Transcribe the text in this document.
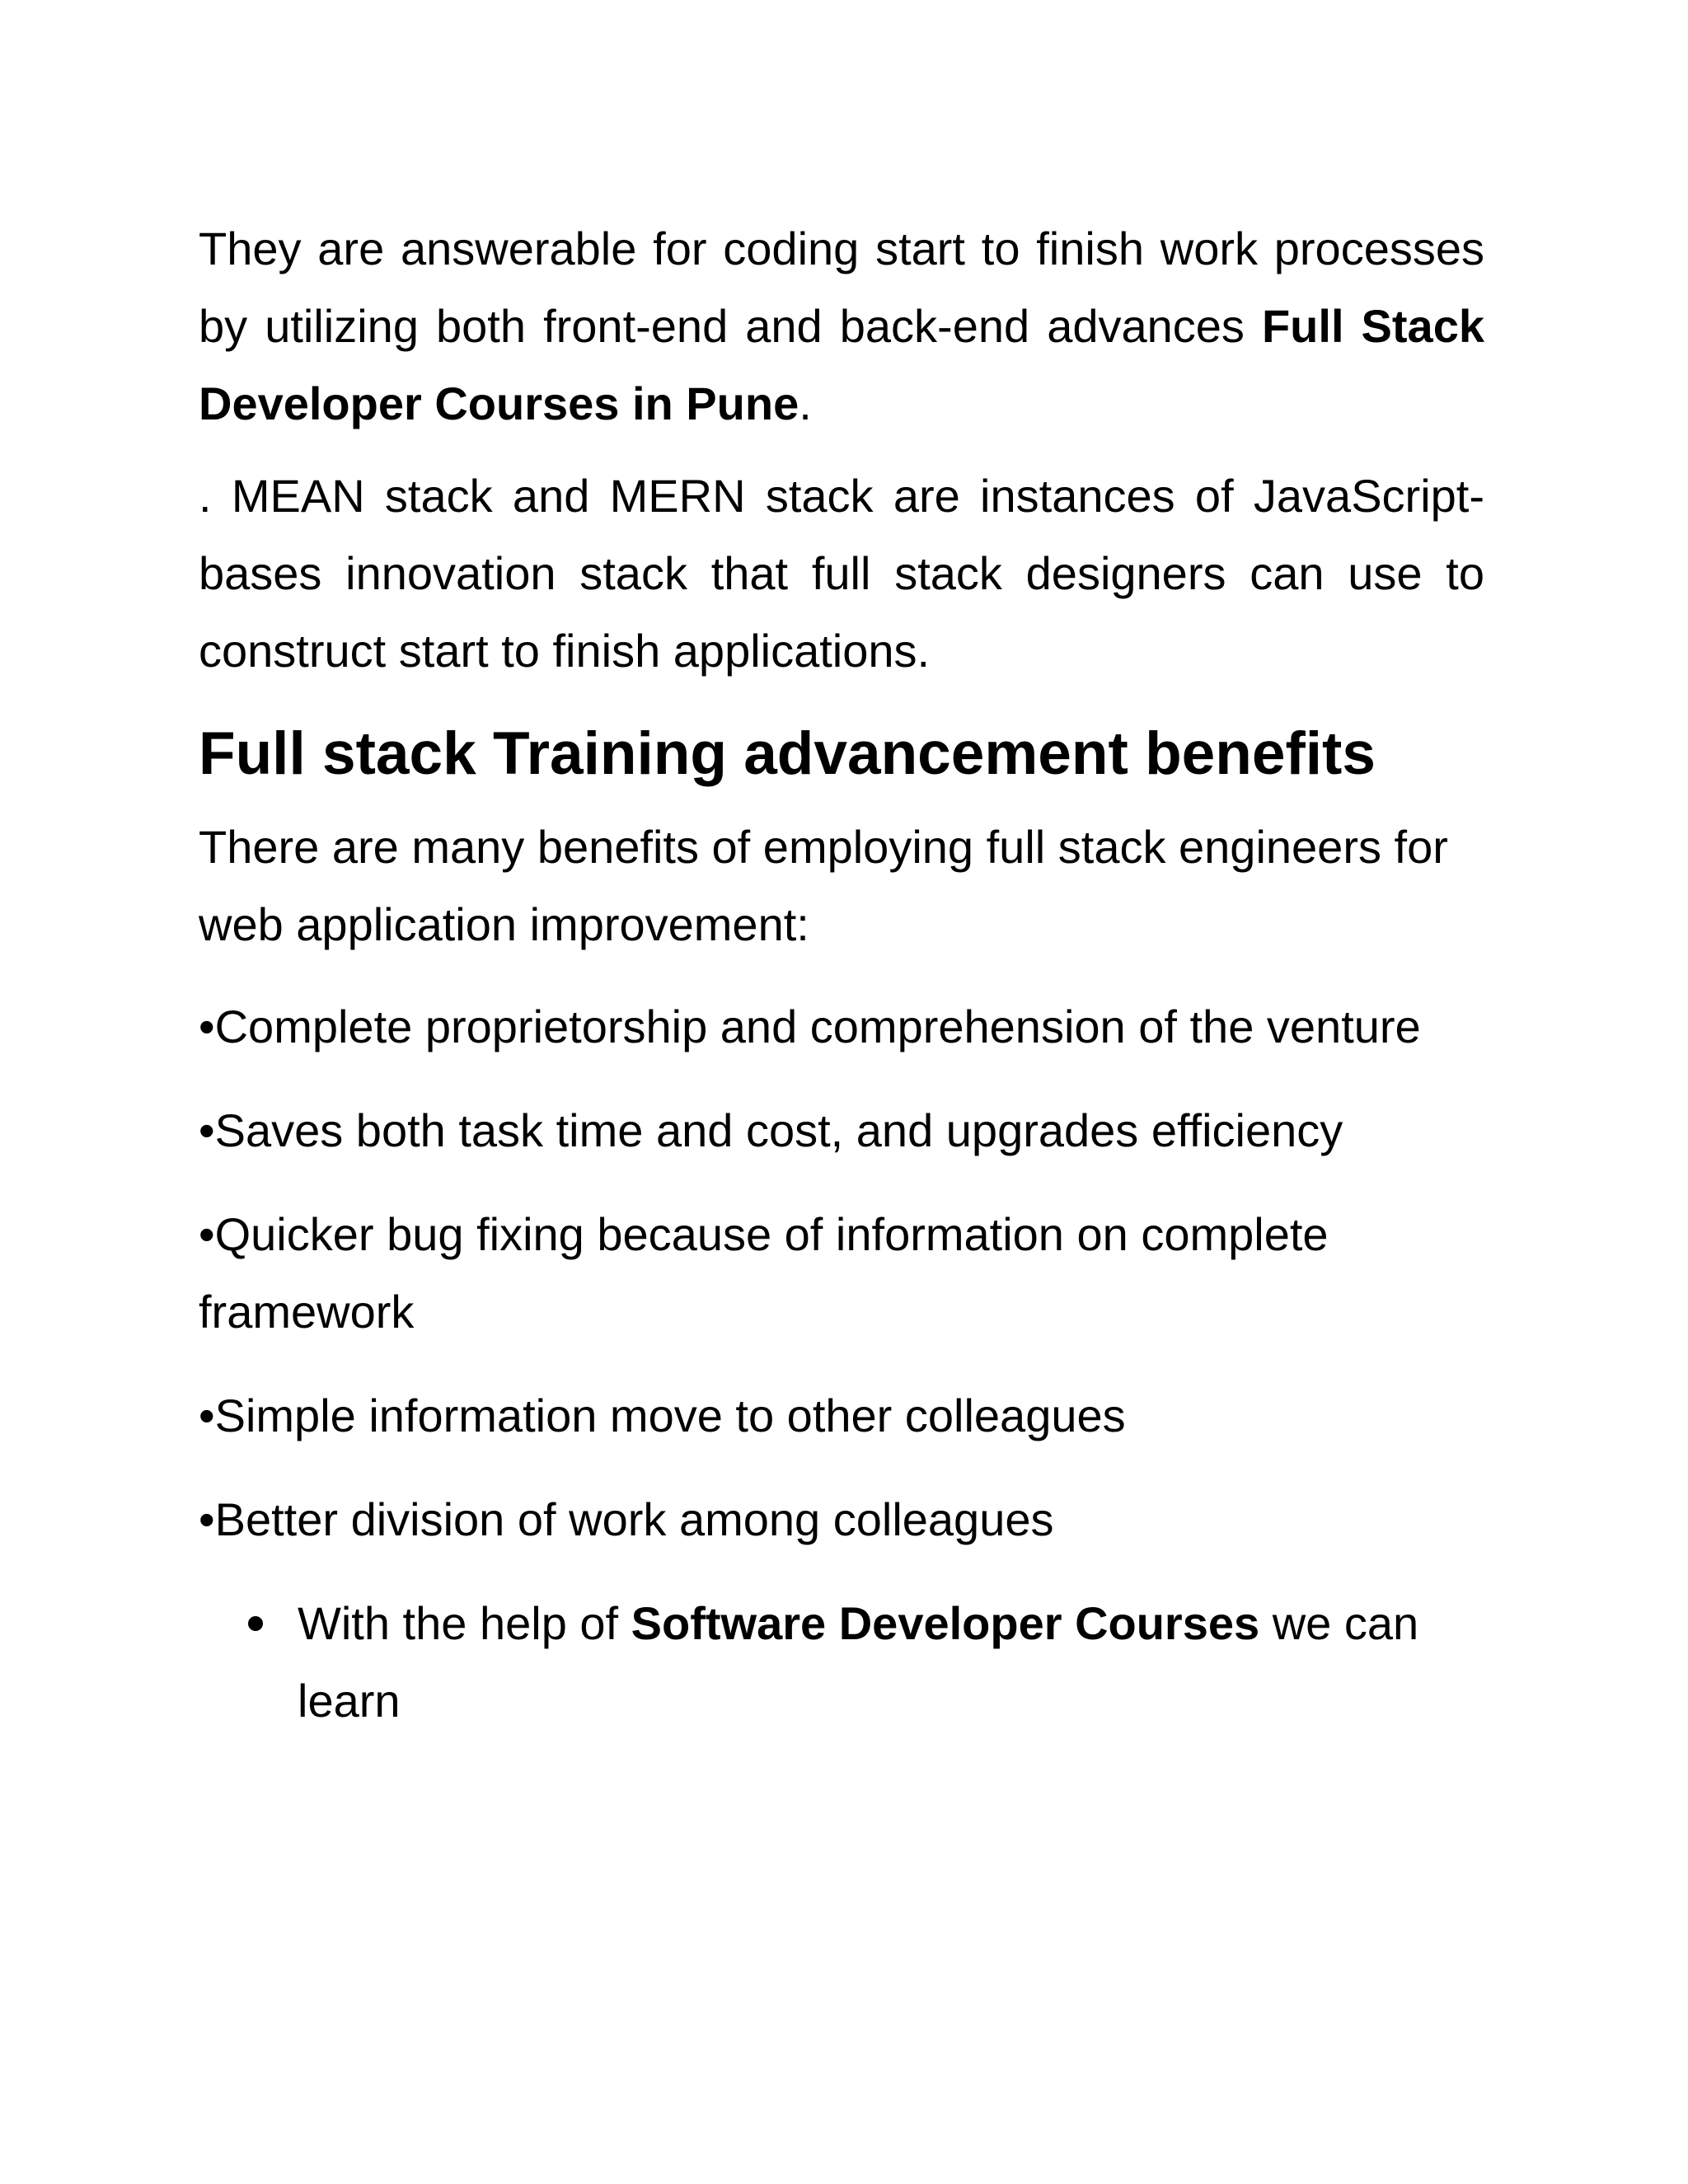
They are answerable for coding start to finish work processes by utilizing both front-end and back-end advances Full Stack Developer Courses in Pune.

. MEAN stack and MERN stack are instances of JavaScript- bases innovation stack that full stack designers can use to construct start to finish applications.

Full stack Training advancement benefits

There are many benefits of employing full stack engineers for web application improvement:

•Complete proprietorship and comprehension of the venture

•Saves both task time and cost, and upgrades efficiency

•Quicker bug fixing because of information on complete framework

•Simple information move to other colleagues

•Better division of work among colleagues

With the help of Software Developer Courses we can learn
